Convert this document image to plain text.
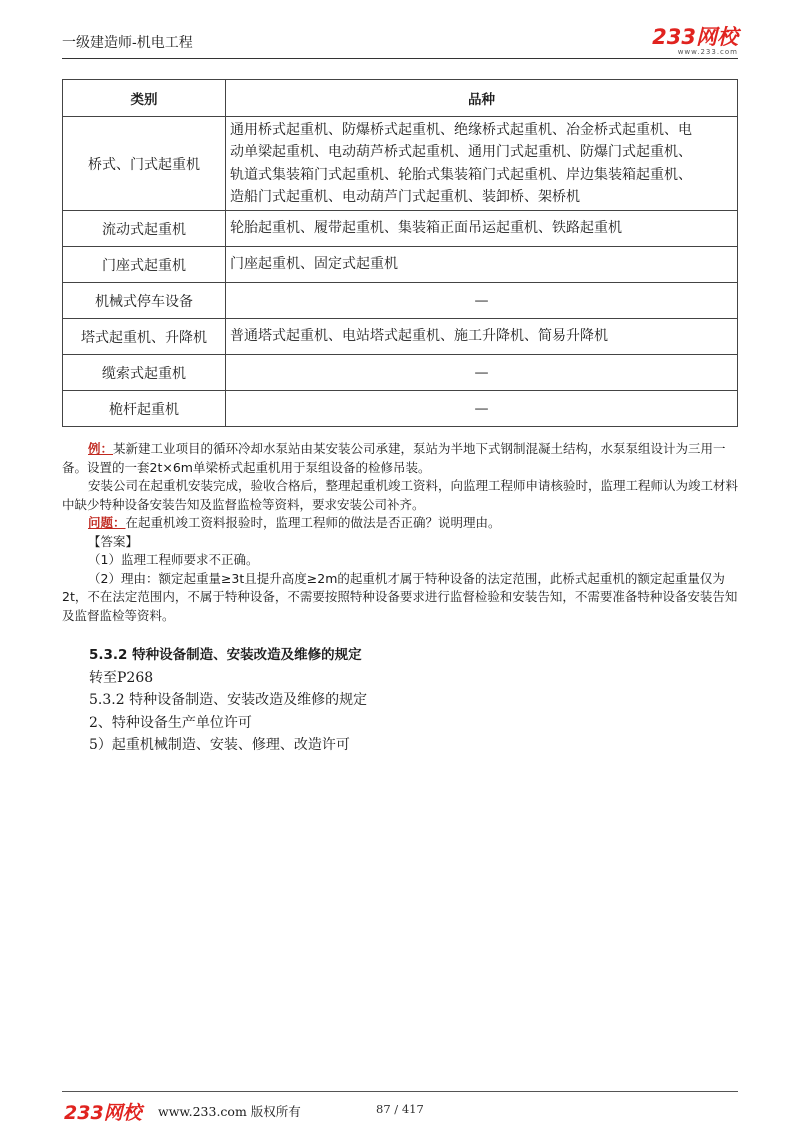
一级建造师-机电工程	233网校
www.233.com
类别	品种
桥式、门式起重机	通用桥式起重机、防爆桥式起重机、绝缘桥式起重机、冶金桥式起重机、电
动单梁起重机、电动葫芦桥式起重机、通用门式起重机、防爆门式起重机、
轨道式集装箱门式起重机、轮胎式集装箱门式起重机、岸边集装箱起重机、
造船门式起重机、电动葫芦门式起重机、装卸桥、架桥机

流动式起重机	轮胎起重机、履带起重机、集装箱正面吊运起重机、铁路起重机
门座式起重机	门座起重机、固定式起重机
机械式停车设备	—
塔式起重机、升降机	普通塔式起重机、电站塔式起重机、施工升降机、简易升降机
缆索式起重机	—
桅杆起重机	—

例：某新建工业项目的循环冷却水泵站由某安装公司承建，泵站为半地下式钢制混凝土结构，水泵泵组设计为三用一备。设置的一套2t×6m单梁桥式起重机用于泵组设备的检修吊装。

安装公司在起重机安装完成，验收合格后，整理起重机竣工资料，向监理工程师申请核验时，监理工程师认为竣工材料中缺少特种设备安装告知及监督监检等资料，要求安装公司补齐。

问题：在起重机竣工资料报验时，监理工程师的做法是否正确？说明理由。

【答案】

（1）监理工程师要求不正确。

（2）理由：额定起重量≥3t且提升高度≥2m的起重机才属于特种设备的法定范围，此桥式起重机的额定起重量仅为2t，不在法定范围内，不属于特种设备，不需要按照特种设备要求进行监督检验和安装告知，不需要准备特种设备安装告知及监督监检等资料。

5.3.2 特种设备制造、安装改造及维修的规定

转至P268

5.3.2 特种设备制造、安装改造及维修的规定

2、特种设备生产单位许可

5）起重机械制造、安装、修理、改造许可

233网校 www.233.com 版权所有	87 / 417
